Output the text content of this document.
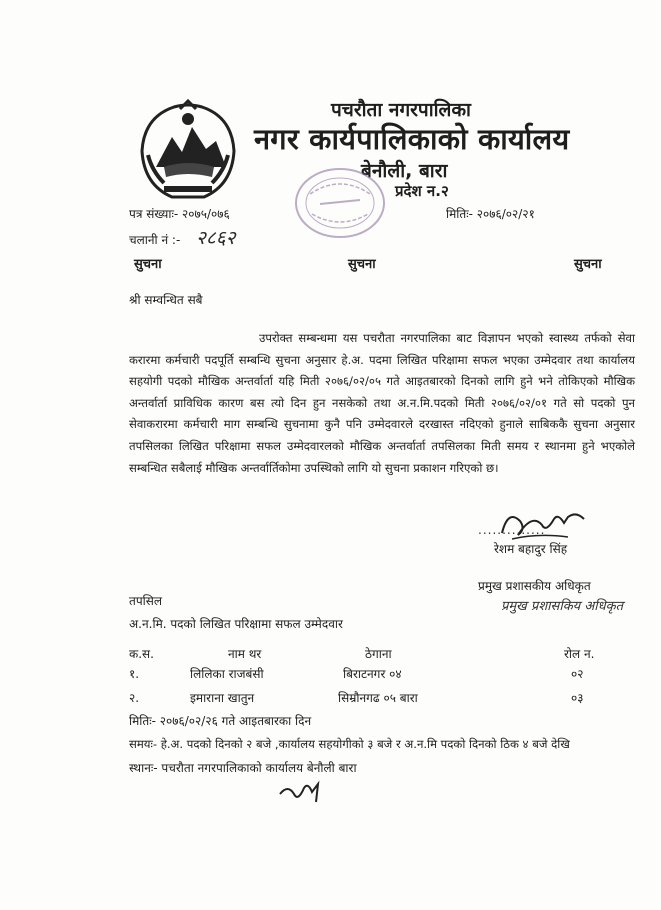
पचरौता नगरपालिका
नगर कार्यपालिकाको कार्यालय
बेनौली, बारा
प्रदेश न.२
पत्र संख्याः- २०७५/०७६	मितिः- २०७६/०२/२१
चलानी नं :- २८६२
सुचना	सुचना	सुचना
श्री सम्वन्धित सबै

उपरोक्त सम्बन्धमा यस पचरौता नगरपालिका बाट विज्ञापन भएको स्वास्थ्य तर्फको सेवा करारमा कर्मचारी पदपूर्ति सम्बन्धि सुचना अनुसार हे.अ. पदमा लिखित परिक्षामा सफल भएका उम्मेदवार तथा कार्यालय सहयोगी पदको मौखिक अन्तर्वार्ता यहि मिती २०७६/०२/०५ गते आइतबारको दिनको लागि हुने भने तोकिएको मौखिक अन्तर्वार्ता प्राविधिक कारण बस त्यो दिन हुन नसकेको तथा अ.न.मि.पदको मिती २०७६/०२/०१ गते सो पदको पुन सेवाकरारमा कर्मचारी माग सम्बन्धि सुचनामा कुनै पनि उम्मेदवारले दरखास्त नदिएको हुनाले साबिककै सुचना अनुसार तपसिलका लिखित परिक्षामा सफल उम्मेदवारलको मौखिक अन्तर्वार्ता तपसिलका मिती समय र स्थानमा हुने भएकोले सम्बन्धित सबैलाई मौखिक अन्तर्वार्तिकोमा उपस्थिको लागि यो सुचना प्रकाशन गरिएको छ।

..............
रेशम बहादुर सिंह
प्रमुख प्रशासकीय अधिकृत
प्रमुख प्रशासकिय अधिकृत
तपसिल
अ.न.मि. पदको लिखित परिक्षामा सफल उम्मेदवार
क.स.	नाम थर	ठेगाना	रोल न.
१.	लिलिका राजबंसी	बिराटनगर ०४	०२
२.	इमाराना खातुन	सिम्रौनगढ ०५ बारा	०३
मितिः- २०७६/०२/२६ गते आइतबारका दिन
समयः- हे.अ. पदको दिनको २ बजे ,कार्यालय सहयोगीको ३ बजे र अ.न.मि पदको दिनको ठिक ४ बजे देखि
स्थानः- पचरौता नगरपालिकाको कार्यालय बेनौली बारा
